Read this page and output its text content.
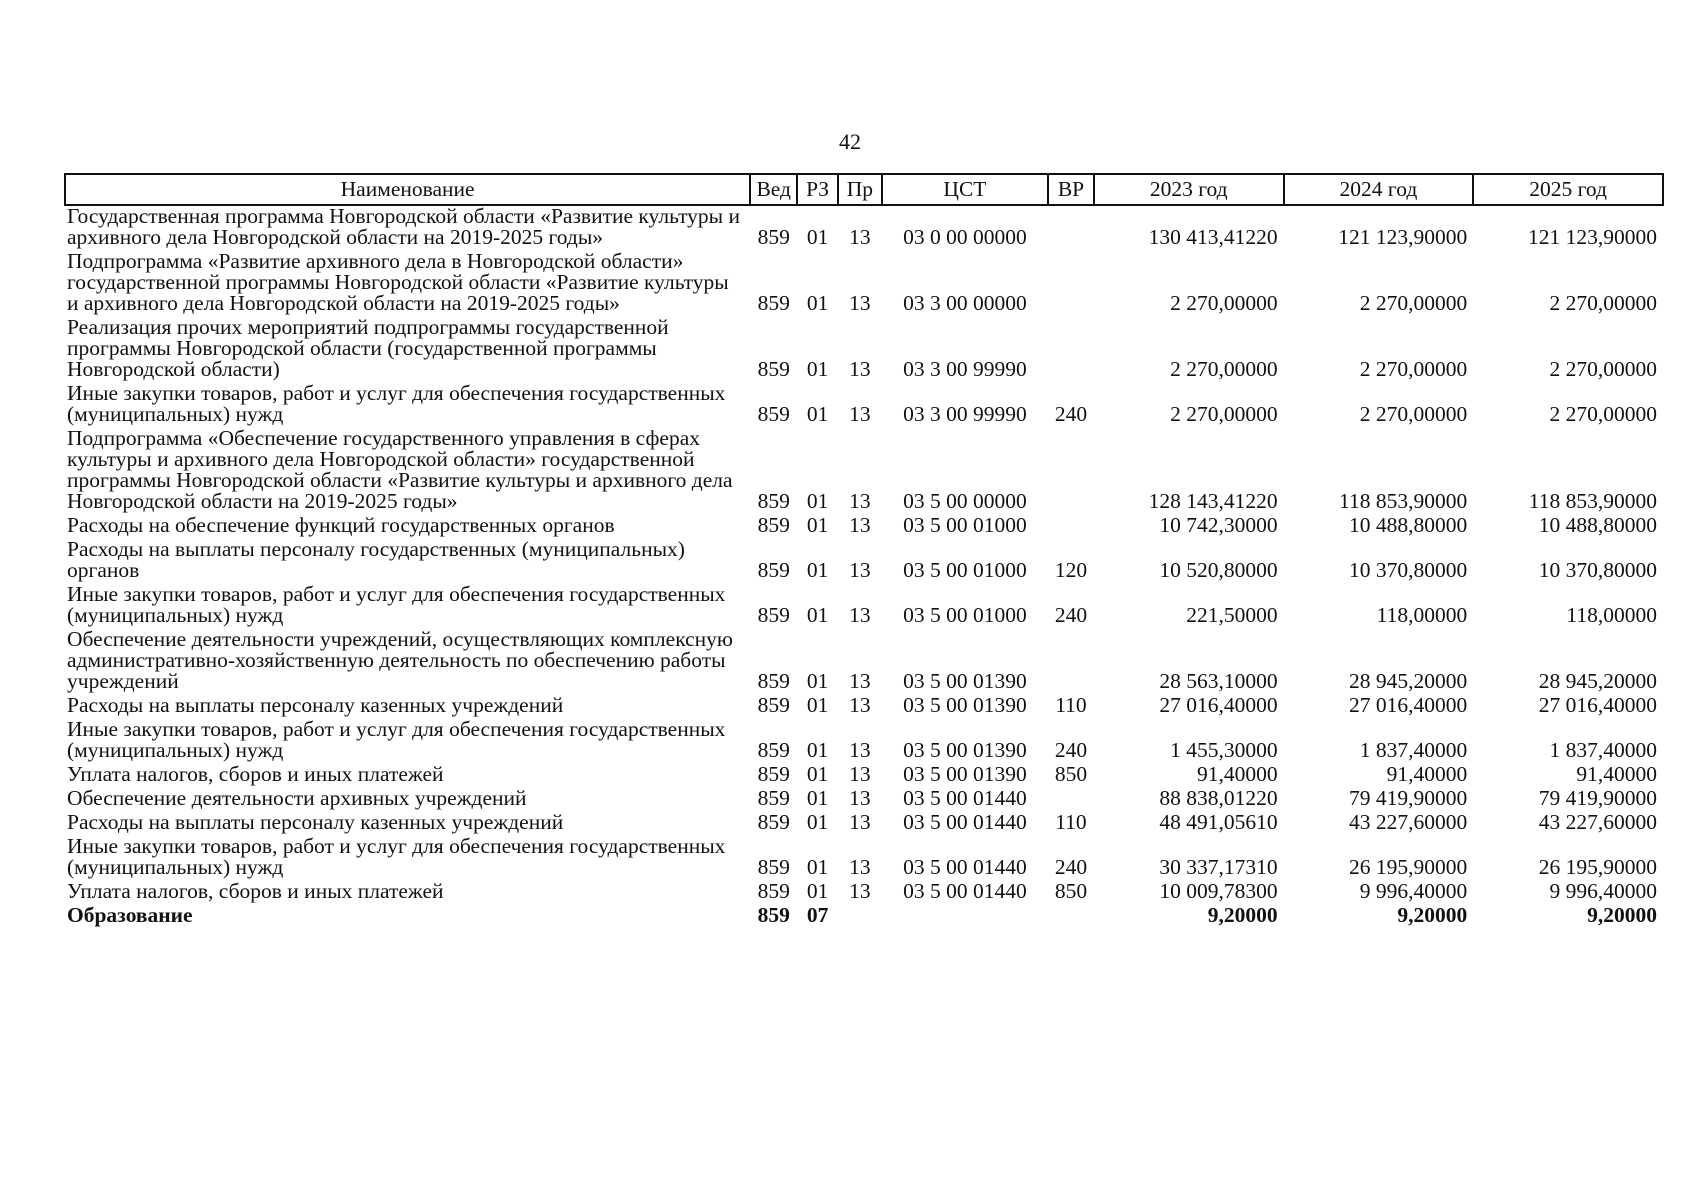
42
Наименование	Вед	РЗ	Пр	ЦСТ	ВР	2023 год	2024 год	2025 год
Государственная программа Новгородской области «Развитие культуры и архивного дела Новгородской области на 2019-2025 годы»	859	01	13	03 0 00 00000		130 413,41220	121 123,90000	121 123,90000
Подпрограмма «Развитие архивного дела в Новгородской области» государственной программы Новгородской области «Развитие культуры и архивного дела Новгородской области на 2019-2025 годы»	859	01	13	03 3 00 00000		2 270,00000	2 270,00000	2 270,00000
Реализация прочих мероприятий подпрограммы государственной программы Новгородской области (государственной программы Новгородской области)	859	01	13	03 3 00 99990		2 270,00000	2 270,00000	2 270,00000
Иные закупки товаров, работ и услуг для обеспечения государственных (муниципальных) нужд	859	01	13	03 3 00 99990	240	2 270,00000	2 270,00000	2 270,00000
Подпрограмма «Обеспечение государственного управления в сферах культуры и архивного дела Новгородской области» государственной программы Новгородской области «Развитие культуры и архивного дела Новгородской области на 2019-2025 годы»	859	01	13	03 5 00 00000		128 143,41220	118 853,90000	118 853,90000
Расходы на обеспечение функций государственных органов	859	01	13	03 5 00 01000		10 742,30000	10 488,80000	10 488,80000
Расходы на выплаты персоналу государственных (муниципальных) органов	859	01	13	03 5 00 01000	120	10 520,80000	10 370,80000	10 370,80000
Иные закупки товаров, работ и услуг для обеспечения государственных (муниципальных) нужд	859	01	13	03 5 00 01000	240	221,50000	118,00000	118,00000
Обеспечение деятельности учреждений, осуществляющих комплексную административно-хозяйственную деятельность по обеспечению работы учреждений	859	01	13	03 5 00 01390		28 563,10000	28 945,20000	28 945,20000
Расходы на выплаты персоналу казенных учреждений	859	01	13	03 5 00 01390	110	27 016,40000	27 016,40000	27 016,40000
Иные закупки товаров, работ и услуг для обеспечения государственных (муниципальных) нужд	859	01	13	03 5 00 01390	240	1 455,30000	1 837,40000	1 837,40000
Уплата налогов, сборов и иных платежей	859	01	13	03 5 00 01390	850	91,40000	91,40000	91,40000
Обеспечение деятельности архивных учреждений	859	01	13	03 5 00 01440		88 838,01220	79 419,90000	79 419,90000
Расходы на выплаты персоналу казенных учреждений	859	01	13	03 5 00 01440	110	48 491,05610	43 227,60000	43 227,60000
Иные закупки товаров, работ и услуг для обеспечения государственных (муниципальных) нужд	859	01	13	03 5 00 01440	240	30 337,17310	26 195,90000	26 195,90000
Уплата налогов, сборов и иных платежей	859	01	13	03 5 00 01440	850	10 009,78300	9 996,40000	9 996,40000
Образование	859	07				9,20000	9,20000	9,20000
